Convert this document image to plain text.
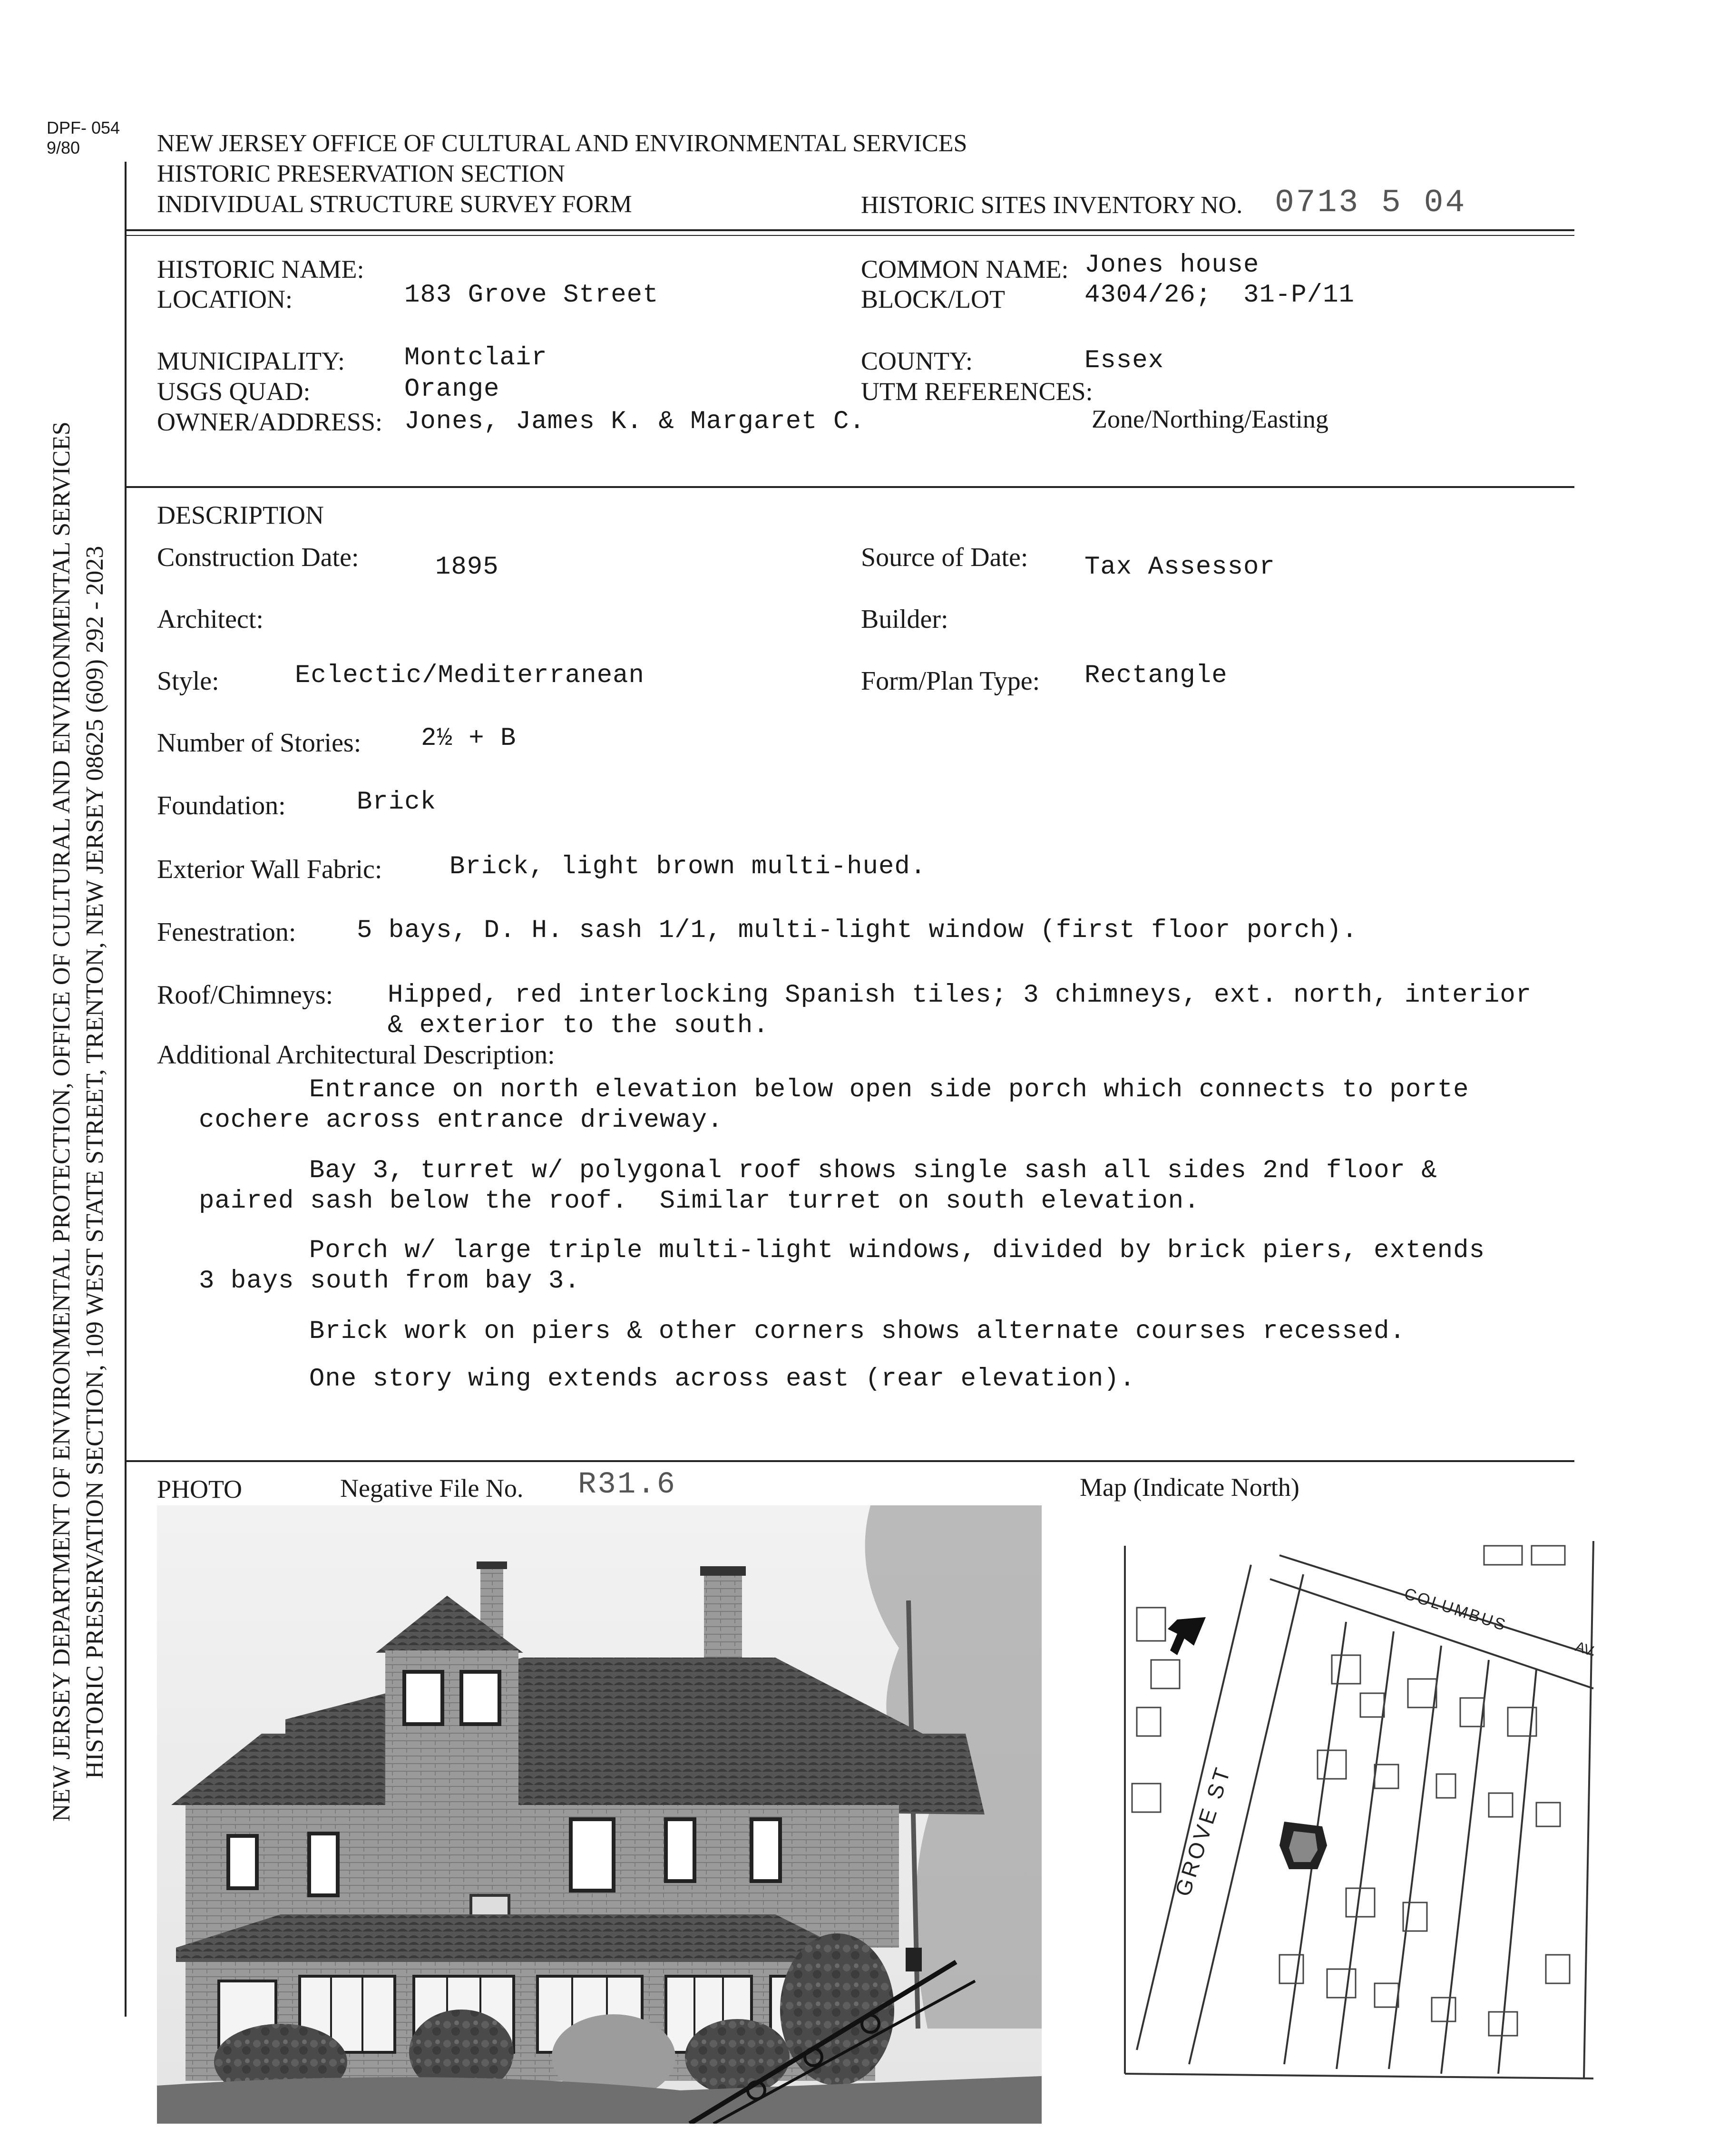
DPF- 054
9/80	NEW JERSEY OFFICE OF CULTURAL AND ENVIRONMENTAL SERVICES
HISTORIC PRESERVATION SECTION
INDIVIDUAL STRUCTURE SURVEY FORM	HISTORIC SITES INVENTORY NO. 0713 5 04
NEW JERSEY DEPARTMENT OF ENVIRONMENTAL PROTECTION, OFFICE OF CULTURAL AND ENVIRONMENTAL SERVICES HISTORIC PRESERVATION SECTION, 109 WEST STATE STREET, TRENTON, NEW JERSEY 08625 (609) 292 - 2023
HISTORIC NAME:
LOCATION:	183 Grove Street
COMMON NAME: Jones house
BLOCK/LOT	4304/26;  31-P/11
MUNICIPALITY: Montclair
USGS QUAD:	Orange
OWNER/ADDRESS: Jones, James K. & Margaret C.
COUNTY:	Essex
UTM REFERENCES:
Zone/Northing/Easting
DESCRIPTION
Construction Date:	1895	Source of Date: Tax Assessor
Architect:	Builder:
Style:	Eclectic/Mediterranean	Form/Plan Type: Rectangle
Number of Stories: 2½ + B
Foundation:	Brick
Exterior Wall Fabric:	Brick, light brown multi-hued.
Fenestration: 5 bays, D. H. sash 1/1, multi-light window (first floor porch).
Roof/Chimneys: Hipped, red interlocking Spanish tiles; 3 chimneys, ext. north, interior
& exterior to the south.
Additional Architectural Description:
Entrance on north elevation below open side porch which connects to porte
cochere across entrance driveway.
Bay 3, turret w/ polygonal roof shows single sash all sides 2nd floor &
paired sash below the roof.  Similar turret on south elevation.
Porch w/ large triple multi-light windows, divided by brick piers, extends
3 bays south from bay 3.
Brick work on piers & other corners shows alternate courses recessed.
One story wing extends across east (rear elevation).
PHOTO	Negative File No. R31.6	Map (Indicate North)
GROVE ST
COLUMBUS
AV
